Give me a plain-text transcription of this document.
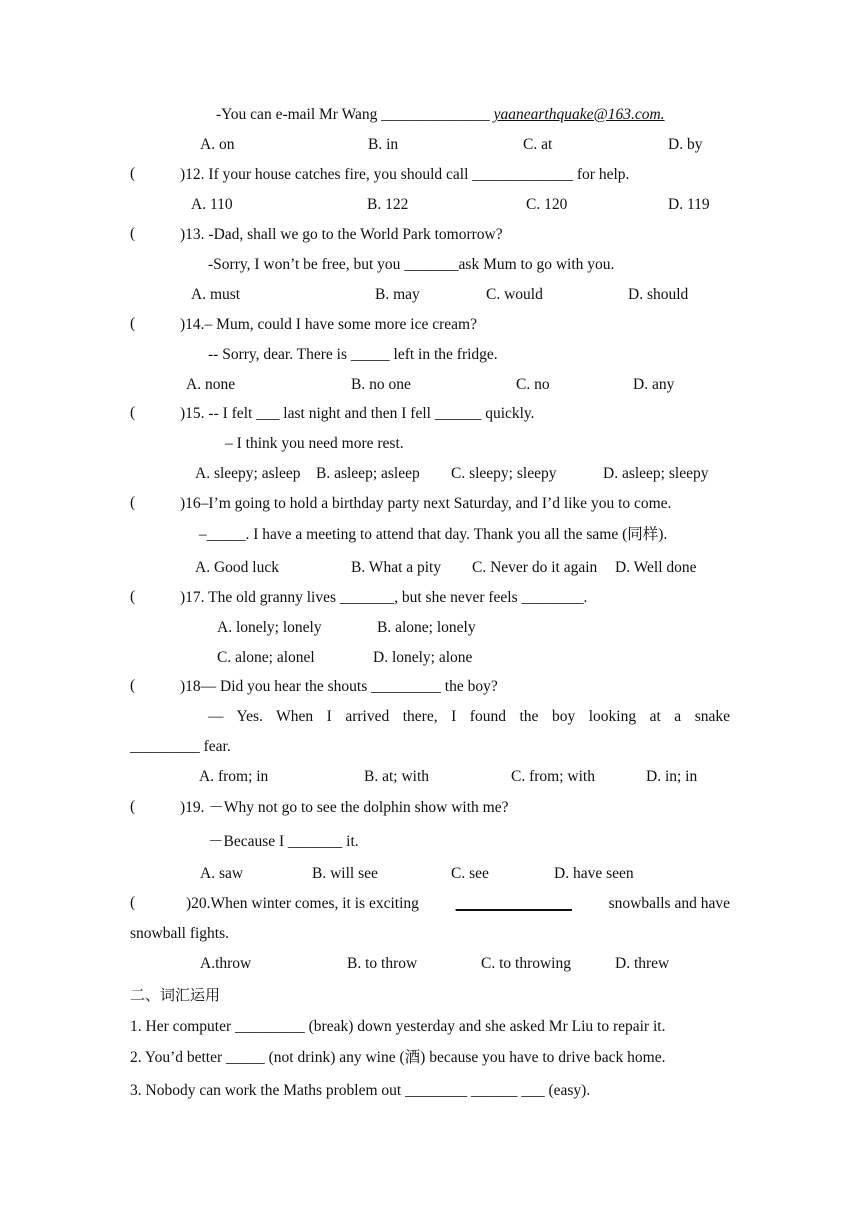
-You can e-mail Mr Wang ______________ yaanearthquake@163.com.
A. on	B. in	C. at	D. by
(	)12. If your house catches fire, you should call _____________ for help.
A. 110	B. 122	C. 120	D. 119
(	)13. -Dad, shall we go to the World Park tomorrow?
-Sorry, I won’t be free, but you _______ask Mum to go with you.
A. must	B. may	C. would	D. should
(	)14.– Mum, could I have some more ice cream?
-- Sorry, dear. There is _____ left in the fridge.
A. none	B. no one	C. no	D. any
(	)15. -- I felt ___ last night and then I fell ______ quickly.
– I think you need more rest.
A. sleepy; asleep B. asleep; asleep C. sleepy; sleepy	D. asleep; sleepy
(	)16–I’m going to hold a birthday party next Saturday, and I’d like you to come.
–_____. I have a meeting to attend that day. Thank you all the same (同样).
A. Good luck	B. What a pity C. Never do it again D. Well done
(	)17. The old granny lives _______, but she never feels ________.
A. lonely; lonely	B. alone; lonely
C. alone; alonel	D. lonely; alone
(	)18— Did you hear the shouts _________ the boy?
— Yes. When I arrived there, I found the boy looking at a snake
_________ fear.
A. from; in	B. at; with	C. from; with	D. in; in
(	)19. －Why not go to see the dolphin show with me?
－Because I _______ it.
A. saw	B. will see	C. see	D. have seen
(	)20.When winter comes, it is exciting _______________ snowballs and have
snowball fights.
A.throw	B. to throw	C. to throwing	D. threw
二、词汇运用
1. Her computer _________ (break) down yesterday and she asked Mr Liu to repair it.
2. You’d better _____ (not drink) any wine (酒) because you have to drive back home.
3. Nobody can work the Maths problem out ________ ______ ___ (easy).
